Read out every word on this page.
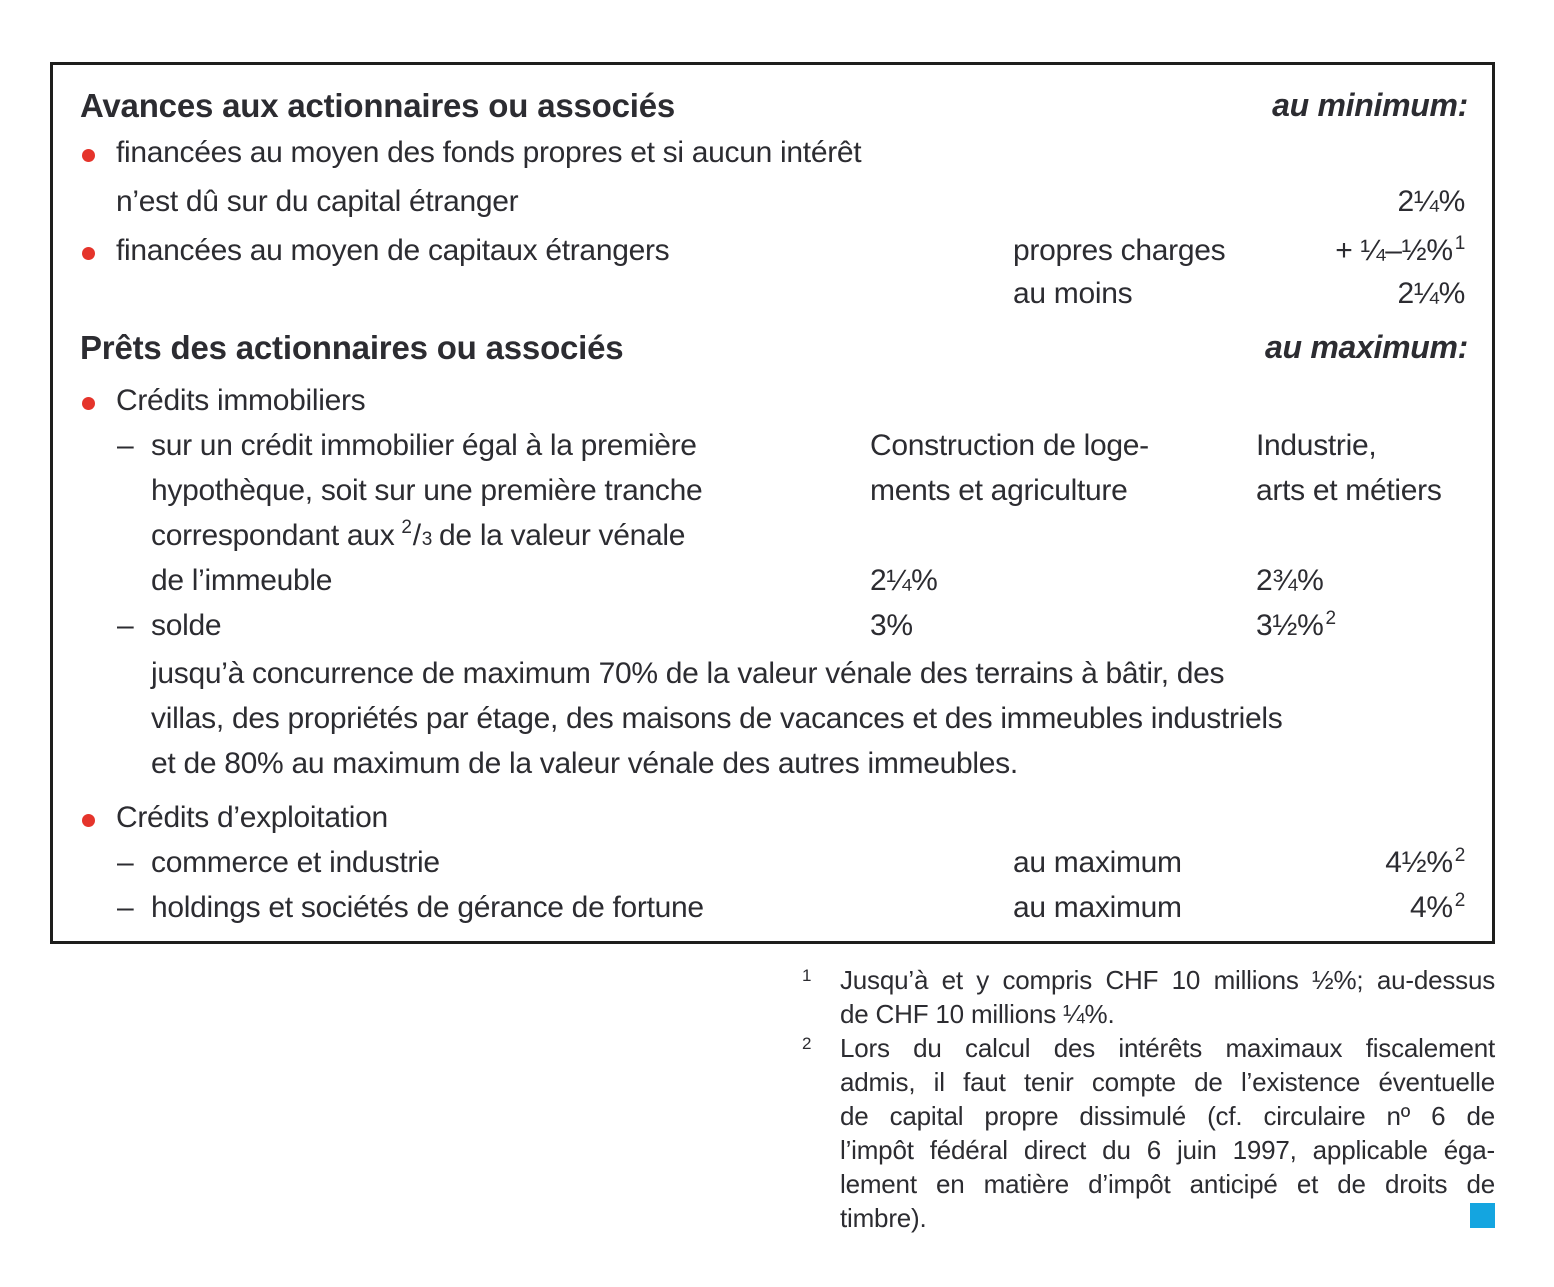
Avances aux actionnaires ou associés	au minimum:
financées au moyen des fonds propres et si aucun intérêt
n’est dû sur du capital étranger	2¼%
financées au moyen de capitaux étrangers	propres charges	+ ¼–½% $^1$
au moins	2¼%
Prêts des actionnaires ou associés	au maximum:
Crédits immobiliers
– sur un crédit immobilier égal à la première	Construction de loge-	Industrie,
hypothèque, soit sur une première tranche	ments et agriculture	arts et métiers
correspondant aux $^2$/3 de la valeur vénale
de l’immeuble	2¼%	2¾%
– solde	3%	3½% $^2$
jusqu’à concurrence de maximum 70% de la valeur vénale des terrains à bâtir, des
villas, des propriétés par étage, des maisons de vacances et des immeubles industriels
et de 80% au maximum de la valeur vénale des autres immeubles.
Crédits d’exploitation
– commerce et industrie	au maximum	4½% $^2$
– holdings et sociétés de gérance de fortune	au maximum	4% $^2$
1 Jusqu’à et y compris CHF 10 millions ½%; au-dessus
de CHF 10 millions ¼%.
2 Lors du calcul des intérêts maximaux fiscalement
admis, il faut tenir compte de l’existence éventuelle
de capital propre dissimulé (cf. circulaire nº 6 de
l’impôt fédéral direct du 6 juin 1997, applicable éga-
lement en matière d’impôt anticipé et de droits de
timbre).
